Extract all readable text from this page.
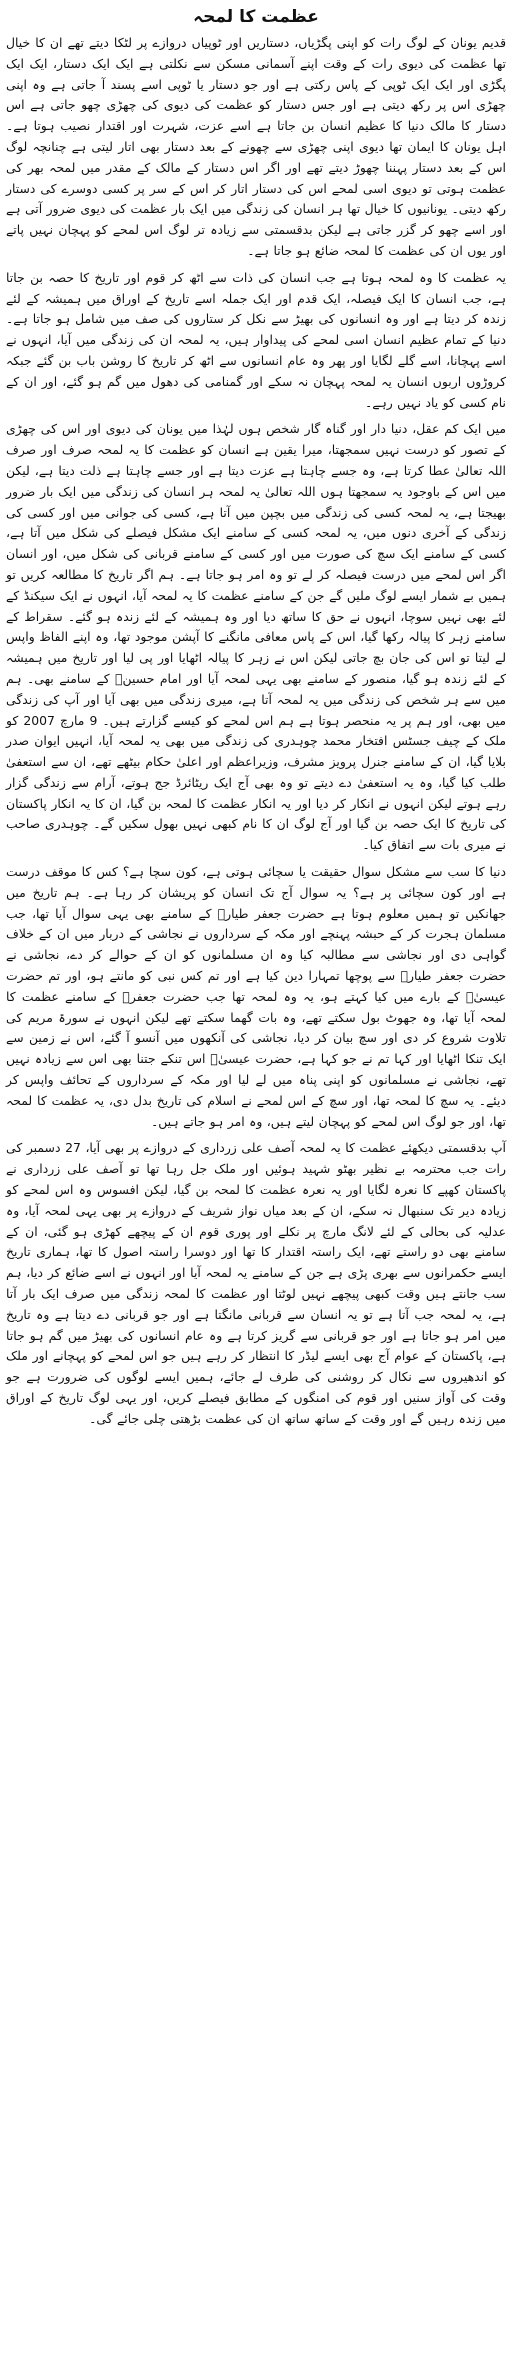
عظمت کا لمحہ

قدیم یونان کے لوگ رات کو اپنی پگڑیاں، دستاریں اور ٹوپیاں دروازے پر لٹکا دیتے تھے ان کا خیال تھا عظمت کی دیوی رات کے وقت اپنے آسمانی مسکن سے نکلتی ہے ایک ایک دستار، ایک ایک پگڑی اور ایک ایک ٹوپی کے پاس رکتی ہے اور جو دستار یا ٹوپی اسے پسند آ جاتی ہے وہ اپنی چھڑی اس پر رکھ دیتی ہے اور جس دستار کو عظمت کی دیوی کی چھڑی چھو جاتی ہے اس دستار کا مالک دنیا کا عظیم انسان بن جاتا ہے اسے عزت، شہرت اور اقتدار نصیب ہوتا ہے۔ اہل یونان کا ایمان تھا دیوی اپنی چھڑی سے چھونے کے بعد دستار بھی اتار لیتی ہے چنانچہ لوگ اس کے بعد دستار پہننا چھوڑ دیتے تھے اور اگر اس دستار کے مالک کے مقدر میں لمحہ بھر کی عظمت ہوتی تو دیوی اسی لمحے اس کی دستار اتار کر اس کے سر پر کسی دوسرے کی دستار رکھ دیتی۔ یونانیوں کا خیال تھا ہر انسان کی زندگی میں ایک بار عظمت کی دیوی ضرور آتی ہے اور اسے چھو کر گزر جاتی ہے لیکن بدقسمتی سے زیادہ تر لوگ اس لمحے کو پہچان نہیں پاتے اور یوں ان کی عظمت کا لمحہ ضائع ہو جاتا ہے۔

یہ عظمت کا وہ لمحہ ہوتا ہے جب انسان کی ذات سے اٹھ کر قوم اور تاریخ کا حصہ بن جاتا ہے، جب انسان کا ایک فیصلہ، ایک قدم اور ایک جملہ اسے تاریخ کے اوراق میں ہمیشہ کے لئے زندہ کر دیتا ہے اور وہ انسانوں کی بھیڑ سے نکل کر ستاروں کی صف میں شامل ہو جاتا ہے۔ دنیا کے تمام عظیم انسان اسی لمحے کی پیداوار ہیں، یہ لمحہ ان کی زندگی میں آیا، انہوں نے اسے پہچانا، اسے گلے لگایا اور پھر وہ عام انسانوں سے اٹھ کر تاریخ کا روشن باب بن گئے جبکہ کروڑوں اربوں انسان یہ لمحہ پہچان نہ سکے اور گمنامی کی دھول میں گم ہو گئے، اور ان کے نام کسی کو یاد نہیں رہے۔

میں ایک کم عقل، دنیا دار اور گناہ گار شخص ہوں لہٰذا میں یونان کی دیوی اور اس کی چھڑی کے تصور کو درست نہیں سمجھتا، میرا یقین ہے انسان کو عظمت کا یہ لمحہ صرف اور صرف اللہ تعالیٰ عطا کرتا ہے، وہ جسے چاہتا ہے عزت دیتا ہے اور جسے چاہتا ہے ذلت دیتا ہے، لیکن میں اس کے باوجود یہ سمجھتا ہوں اللہ تعالیٰ یہ لمحہ ہر انسان کی زندگی میں ایک بار ضرور بھیجتا ہے، یہ لمحہ کسی کی زندگی میں بچپن میں آتا ہے، کسی کی جوانی میں اور کسی کی زندگی کے آخری دنوں میں، یہ لمحہ کسی کے سامنے ایک مشکل فیصلے کی شکل میں آتا ہے، کسی کے سامنے ایک سچ کی صورت میں اور کسی کے سامنے قربانی کی شکل میں، اور انسان اگر اس لمحے میں درست فیصلہ کر لے تو وہ امر ہو جاتا ہے۔ ہم اگر تاریخ کا مطالعہ کریں تو ہمیں بے شمار ایسے لوگ ملیں گے جن کے سامنے عظمت کا یہ لمحہ آیا، انہوں نے ایک سیکنڈ کے لئے بھی نہیں سوچا، انہوں نے حق کا ساتھ دیا اور وہ ہمیشہ کے لئے زندہ ہو گئے۔ سقراط کے سامنے زہر کا پیالہ رکھا گیا، اس کے پاس معافی مانگنے کا آپشن موجود تھا، وہ اپنے الفاظ واپس لے لیتا تو اس کی جان بچ جاتی لیکن اس نے زہر کا پیالہ اٹھایا اور پی لیا اور تاریخ میں ہمیشہ کے لئے زندہ ہو گیا، منصور کے سامنے بھی یہی لمحہ آیا اور امام حسینؓ کے سامنے بھی۔ ہم میں سے ہر شخص کی زندگی میں یہ لمحہ آتا ہے، میری زندگی میں بھی آیا اور آپ کی زندگی میں بھی، اور ہم پر یہ منحصر ہوتا ہے ہم اس لمحے کو کیسے گزارتے ہیں۔ 9 مارچ 2007 کو ملک کے چیف جسٹس افتخار محمد چوہدری کی زندگی میں بھی یہ لمحہ آیا، انہیں ایوان صدر بلایا گیا، ان کے سامنے جنرل پرویز مشرف، وزیراعظم اور اعلیٰ حکام بیٹھے تھے، ان سے استعفیٰ طلب کیا گیا، وہ یہ استعفیٰ دے دیتے تو وہ بھی آج ایک ریٹائرڈ جج ہوتے، آرام سے زندگی گزار رہے ہوتے لیکن انہوں نے انکار کر دیا اور یہ انکار عظمت کا لمحہ بن گیا، ان کا یہ انکار پاکستان کی تاریخ کا ایک حصہ بن گیا اور آج لوگ ان کا نام کبھی نہیں بھول سکیں گے۔ چوہدری صاحب نے میری بات سے اتفاق کیا۔

دنیا کا سب سے مشکل سوال حقیقت یا سچائی ہوتی ہے، کون سچا ہے؟ کس کا موقف درست ہے اور کون سچائی پر ہے؟ یہ سوال آج تک انسان کو پریشان کر رہا ہے۔ ہم تاریخ میں جھانکیں تو ہمیں معلوم ہوتا ہے حضرت جعفر طیارؓ کے سامنے بھی یہی سوال آیا تھا، جب مسلمان ہجرت کر کے حبشہ پہنچے اور مکہ کے سرداروں نے نجاشی کے دربار میں ان کے خلاف گواہی دی اور نجاشی سے مطالبہ کیا وہ ان مسلمانوں کو ان کے حوالے کر دے، نجاشی نے حضرت جعفر طیارؓ سے پوچھا تمہارا دین کیا ہے اور تم کس نبی کو مانتے ہو، اور تم حضرت عیسیٰؑ کے بارے میں کیا کہتے ہو، یہ وہ لمحہ تھا جب حضرت جعفرؓ کے سامنے عظمت کا لمحہ آیا تھا، وہ جھوٹ بول سکتے تھے، وہ بات گھما سکتے تھے لیکن انہوں نے سورۃ مریم کی تلاوت شروع کر دی اور سچ بیان کر دیا، نجاشی کی آنکھوں میں آنسو آ گئے، اس نے زمین سے ایک تنکا اٹھایا اور کہا تم نے جو کہا ہے، حضرت عیسیٰؑ اس تنکے جتنا بھی اس سے زیادہ نہیں تھے، نجاشی نے مسلمانوں کو اپنی پناہ میں لے لیا اور مکہ کے سرداروں کے تحائف واپس کر دیئے۔ یہ سچ کا لمحہ تھا، اور سچ کے اس لمحے نے اسلام کی تاریخ بدل دی، یہ عظمت کا لمحہ تھا، اور جو لوگ اس لمحے کو پہچان لیتے ہیں، وہ امر ہو جاتے ہیں۔

آپ بدقسمتی دیکھئے عظمت کا یہ لمحہ آصف علی زرداری کے دروازے پر بھی آیا، 27 دسمبر کی رات جب محترمہ بے نظیر بھٹو شہید ہوئیں اور ملک جل رہا تھا تو آصف علی زرداری نے پاکستان کھپے کا نعرہ لگایا اور یہ نعرہ عظمت کا لمحہ بن گیا، لیکن افسوس وہ اس لمحے کو زیادہ دیر تک سنبھال نہ سکے، ان کے بعد میاں نواز شریف کے دروازے پر بھی یہی لمحہ آیا، وہ عدلیہ کی بحالی کے لئے لانگ مارچ پر نکلے اور پوری قوم ان کے پیچھے کھڑی ہو گئی، ان کے سامنے بھی دو راستے تھے، ایک راستہ اقتدار کا تھا اور دوسرا راستہ اصول کا تھا، ہماری تاریخ ایسے حکمرانوں سے بھری پڑی ہے جن کے سامنے یہ لمحہ آیا اور انہوں نے اسے ضائع کر دیا، ہم سب جانتے ہیں وقت کبھی پیچھے نہیں لوٹتا اور عظمت کا لمحہ زندگی میں صرف ایک بار آتا ہے، یہ لمحہ جب آتا ہے تو یہ انسان سے قربانی مانگتا ہے اور جو قربانی دے دیتا ہے وہ تاریخ میں امر ہو جاتا ہے اور جو قربانی سے گریز کرتا ہے وہ عام انسانوں کی بھیڑ میں گم ہو جاتا ہے، پاکستان کے عوام آج بھی ایسے لیڈر کا انتظار کر رہے ہیں جو اس لمحے کو پہچانے اور ملک کو اندھیروں سے نکال کر روشنی کی طرف لے جائے، ہمیں ایسے لوگوں کی ضرورت ہے جو وقت کی آواز سنیں اور قوم کی امنگوں کے مطابق فیصلے کریں، اور یہی لوگ تاریخ کے اوراق میں زندہ رہیں گے اور وقت کے ساتھ ساتھ ان کی عظمت بڑھتی چلی جائے گی۔
